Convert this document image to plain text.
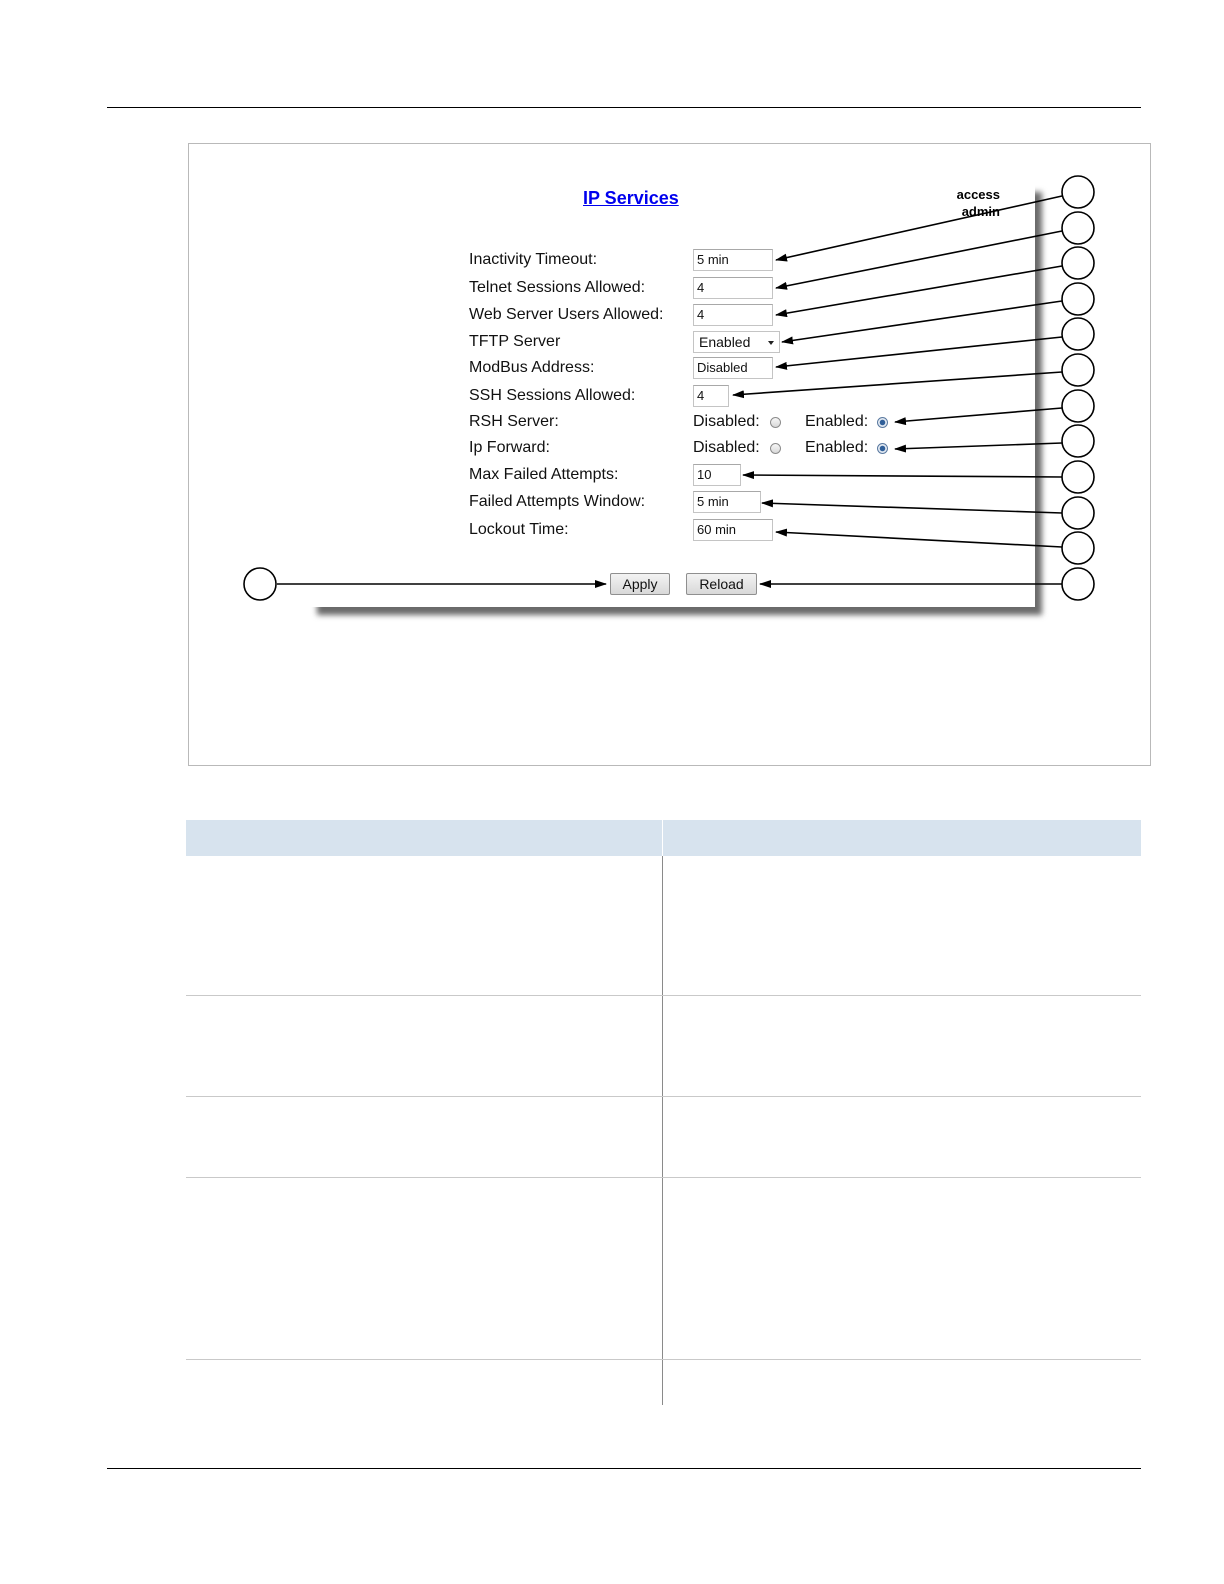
IP Services	access
admin
Inactivity Timeout:	5 min
Telnet Sessions Allowed:	4
Web Server Users Allowed:	4
TFTP Server	Enabled
ModBus Address:	Disabled
SSH Sessions Allowed:	4
RSH Server:	Disabled:	Enabled:
Ip Forward:	Disabled:	Enabled:
Max Failed Attempts:	10
Failed Attempts Window:	5 min
Lockout Time:	60 min
Apply	Reload
